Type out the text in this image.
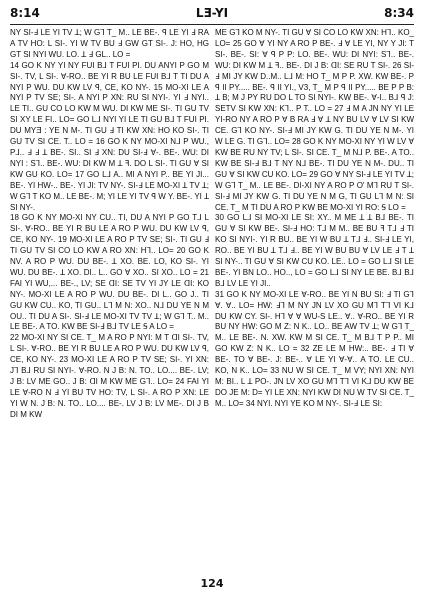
8:14	LƎ-YI	8:34

NY SI-Ⅎ LE YI TV ꓕ; W G⅂ T_ M.. LE BE-. ꟼ LE YI Ⅎ RA A TV HO: L SI-. YI W TV BU Ⅎ GW GT SI-. J: HO, HG GT SI NYI WU. LO. ꓕ Ⅎ GL.. LO =

14 GO K NY YI NY FUI B⅃ T FUI PI. DU ANYI P GO M SI-. TV, L SI-. ꓯ-RO.. BE YI R BU LE FUI B⅃ T TI DU A NYI P WU. DU KW LV ꟼ, CE, KO NY-. 15 MO-XI LE A NYI P TV SE; SI-. A NYI P XN: RU SI NYI-. YI Ⅎ NYI.. LE TI.. GU CO LO KW M WU. DI KW ME SI-. TI GU TV SI XY LE FI.. LO= GO L⅃ NYI YI LE TI GU B⅃ T FUI PI. DU MYƎ : YE N M-. TI GU Ⅎ TI KW XN: HO KO SI-. TI GU TV SI CE. T.. LO = 16 GO K NY MO-XI N⅃ P WU., P⅃.. Ⅎ Ⅎ ꓕ BE-. SI.. SI Ⅎ XN: DU SI-Ⅎ ꓯ-. BE-. WU: DI NYI : S⅂.. BE-. WU: DI KW M ꓕ ꟻ. DO L SI-. TI GU ꓯ SI KW GU KO. LO= 17 GO L⅃ A.. MI A NYI P.. BE YI JI... BE-. YI HW-.. BE-. YI JI: TV NY-. SI-Ⅎ LE MO-XI ꓕ TV ꓕ; W G⅂ T KO M.. LE BE-. M; YI LE YI TV ꟼ W Y. BE-. YI ꓕ SI NY-.

18 GO K NY MO-XI NY CU.. TI, DU A NYI P GO T⅃ L SI-. ꓯ-RO.. BE YI R BU LE A RO P WU. DU KW LV ꟼ, CE, KO NY-. 19 MO-XI LE A RO P TV SE; SI-. TI GU Ⅎ TI GU TV SI CO LO KW A RO XN: H⅂.. LO= 20 GO K NV. A RO P WU. DU BE-. ꓕ XO. BE. LO, KO SI-. YI WU. DU BE-. ꓕ XO. DI.. L.. GO ꓯ XO.. SI XO.. LO = 21 FAI YI WU,... BE-., LV; SE ᗡI: SE TV YI JY LE ᗡI: KO NY-. MO-XI LE A RO P WU. DU BE-. DI L.. GO J.. TI GU KW CU.. KO, TI GU.. L⅂ M N: XO.. N⅃ DU YE N M OU.. TI DU A SI-. SI-Ⅎ LE MO-XI TV TV ꓕ; W G⅂ T.. M.. LE BE-. A TO. KW BE SI-Ⅎ B⅃ TV LE Ꟊ A LO =

22 MO-XI NY SI CE. T_ M A RO P NYI: M T ᗡI SI-. TV, L SI-. ꓯ-RO.. BE YI R BU LE A RO P WU. DU KW LV ꟼ, CE, KO NY-. 23 MO-XI LE A RO P TV SE; SI-. YI XN: J⅂ B⅃ RU SI NYI-. ꓯ-RO. N J B: N. TO.. LO.... BE-. LV; J B: LV ME GO.. J B: ᗡI M KW ME G⅂.. LO= 24 FAI YI LE ꓯ-RO N Ⅎ YI BU TV HO: TV, L SI-. A RO P XN: LE YI W N. J B: N. TO.. LO.... BE-. LV J B: LV ME-. DI J B DI M KW

ME G⅂ KO M NY-. TI GU ꓯ SI CO LO KW XN: H⅂.. KO_ LO= 25 GO ꓯ YI NY A RO P BE-. Ⅎ ꓯ LE YI, NY Y JI: T SI-. BE-. SI: ꓯ ꟼ P P: LO. BE-. WU: DI NYI: S⅂.. BE-. WU: DI KW M ꓕ ꟻ.. BE-. DI J B: ᗡI: SE RU T SI-. 26 SI-Ⅎ MI JY KW D..M.. L⅃ M: HO T_ M P P. XW. KW BE-. P ꟼ II PY..... BE-. ꟼ II YI., V3, T_ M P ꟼ II PY..... BE P P B: ꓕ B; M J PY RU DO L TO SI NYI-. KW BE-. ꓯ-I.. B⅃ ꟼ J: SETV SI KW XN: K⅂.. P T.. LO = 27 Ⅎ M A JN NY YI LE YI-RO NY A RO P ꓯ B RA Ⅎ ꓯ ꓕ NY BU LV ꓯ LV SI KW CE. G⅂ KO NY-. SI-Ⅎ MI JY KW G. TI DU YE N M-. YI W LE G. TI G⅂.. LO= 28 GO K NY MO-XI NY YI W LV ꓯ KW BE RU NY TV; L SI-. SI CE. T_ M N⅃ P. BE-. A TO.. KW BE SI-Ⅎ B⅃ T NY N⅃ BE-. TI DU YE N M-. DU.. TI GU ꓯ SI KW CU KO. LO= 29 GO ꓯ NY SI-Ⅎ LE YI TV ꓕ; W G⅂ T_ M.. LE BE-. DI-XI NY A RO P O' M⅂ RU T SI-. SI-Ⅎ MI JY KW G. TI DU YE N M G, TI GU L⅂ M N: SI CE. T_ M TI DU A RO P KW BE MO-XI YI RO: Ꟊ LO =

30 GO L⅃ SI MO-XI LE SI: XY.. M ME ꓕ ꓕ B⅃ BE-. TI GU ꓯ SI KW BE-. SI-Ⅎ HO: T⅃ M M.. BE BU ꟻ T⅃ Ⅎ TI KO SI NYI-. YI R BU.. BE YI W BU ꓕ T⅃ Ⅎ.. SI-Ⅎ LE YI, RO.. BE YI BU ꓕ T⅃ Ⅎ.. BE YI W BU BU ꓯ LV LE Ⅎ T ꓕ SI NY-.. TI GU ꓯ SI KW CU KO. LE.. LO = GO L⅃ SI LE BE-. YI BN LO.. HO.., LO = GO L⅃ SI NY LE BE. B⅃ B⅃ B⅃ LV LE YI JI..

31 GO K NY MO-XI LE ꓯ-RO.. BE YI N BU SI: Ⅎ TI G⅂ ꓯ. ꓯ.. LO= HW: Ⅎ⅂ M NY JN LV XO GU M⅂ T⅂ VI K⅃ DU KW CY. SI-. H⅂ ꓯ ꓯ WU-S LE.. ꓯ.. ꓯ-RO.. BE YI R BU NY HW: GO M Z: N K.. LO.. BE AW TV ꓕ; W G⅂ T_ M.. LE BE-. N. XW. KW M SI CE. T_ M B⅃ T P P.. MI GO KW Z: N K.. LO = 32 ZE LE M HW:.. BE-. Ⅎ TI ꓯ BE-. TO ꓯ BE-. J: BE-.. ꓯ LE YI ꓯ-ꓯ.. A TO. LE CU.. KO, N K.. LO= 33 NU W SI CE. T_ M VY; NYI XN: NYI M: BI.. L ꓕ PO-. JN LV XO GU M⅂ T⅂ VI K⅃ DU KW BE DO JE M: D= YI LE XN: NYI KW DI NU W TV SI CE. T_ M.. LO= 34 NYI. NYI YE KO M NY-. SI-Ⅎ LE SI:

124
